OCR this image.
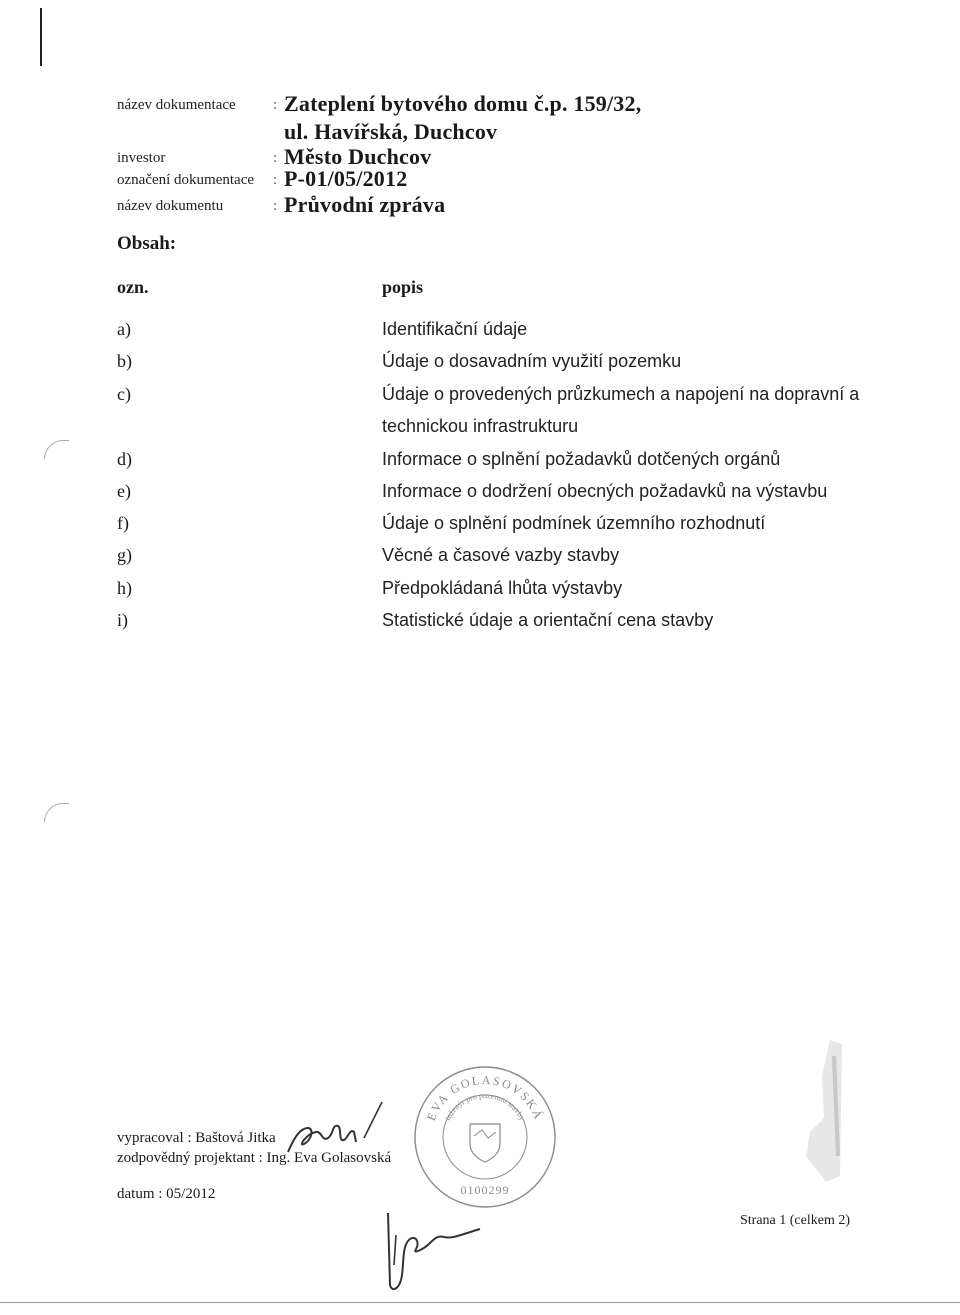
název dokumentace : Zateplení bytového domu č.p. 159/32,
ul. Havířská, Duchcov
investor	: Město Duchcov
označení dokumentace : P-01/05/2012
název dokumentu	: Průvodní zpráva
Obsah:
ozn.	popis
a)	Identifikační údaje
b)	Údaje o dosavadním využití pozemku
c)	Údaje o provedených průzkumech a napojení na dopravní a
technickou infrastrukturu
d)	Informace o splnění požadavků dotčených orgánů
e)	Informace o dodržení obecných požadavků na výstavbu
f)	Údaje o splnění podmínek územního rozhodnutí
g)	Věcné a časové vazby stavby
h)	Předpokládaná lhůta výstavby
i)	Statistické údaje a orientační cena stavby
vypracoval : Baštová Jitka
zodpovědný projektant : Ing. Eva Golasovská
datum : 05/2012
Strana 1 (celkem 2)
EVA GOLASOVSKÁ
inženýr pro pozemní stavby
0100299
